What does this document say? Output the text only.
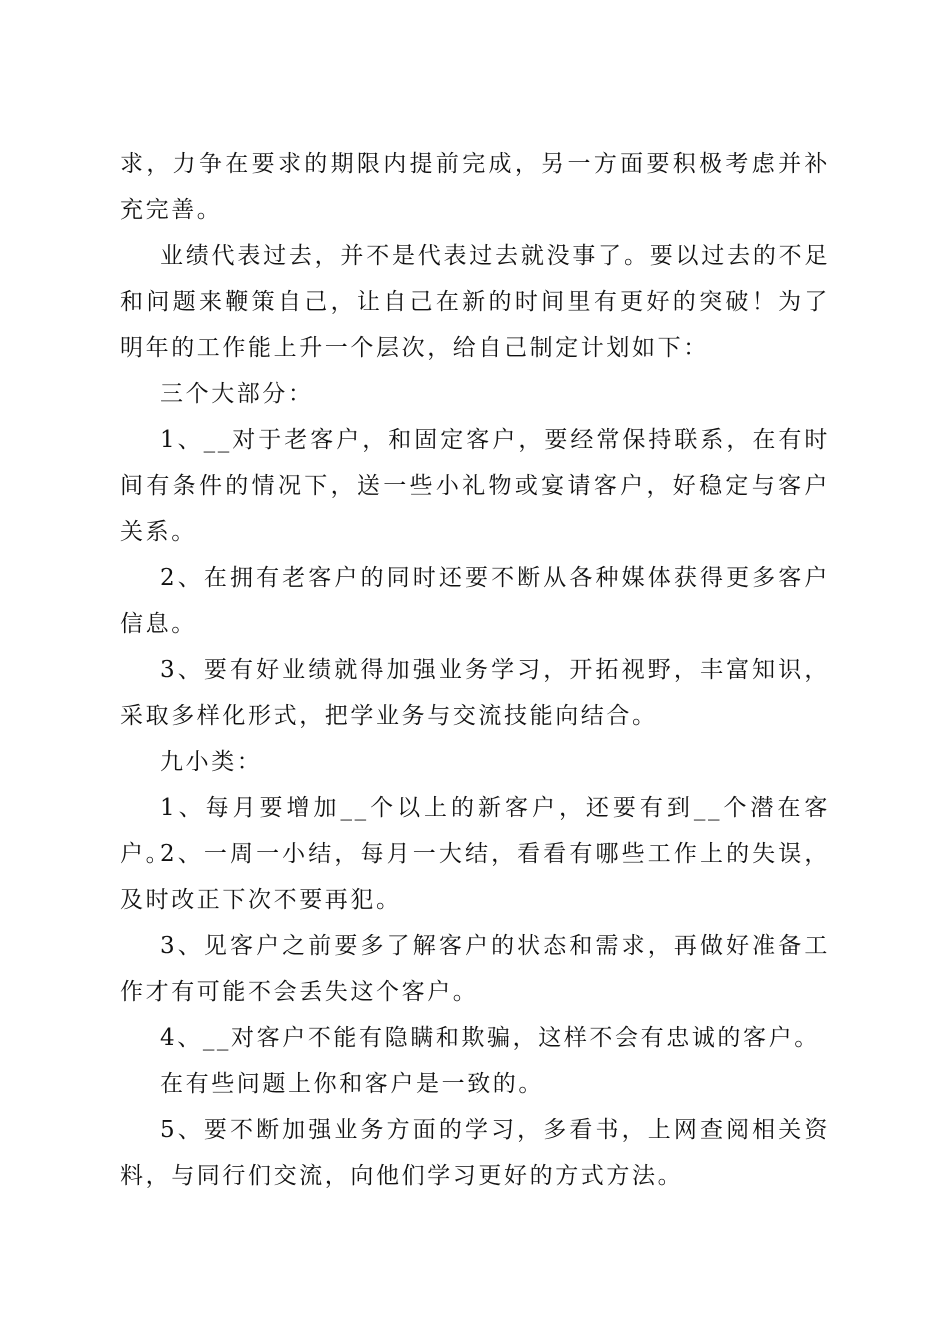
求，力争在要求的期限内提前完成，另一方面要积极考虑并补充完善。

业绩代表过去，并不是代表过去就没事了。要以过去的不足和问题来鞭策自己，让自己在新的时间里有更好的突破！为了明年的工作能上升一个层次，给自己制定计划如下：

三个大部分：

1、__对于老客户，和固定客户，要经常保持联系，在有时间有条件的情况下，送一些小礼物或宴请客户，好稳定与客户关系。

2、在拥有老客户的同时还要不断从各种媒体获得更多客户信息。

3、要有好业绩就得加强业务学习，开拓视野，丰富知识，采取多样化形式，把学业务与交流技能向结合。

九小类：

1、每月要增加__个以上的新客户，还要有到__个潜在客户。

2、一周一小结，每月一大结，看看有哪些工作上的失误，及时改正下次不要再犯。

3、见客户之前要多了解客户的状态和需求，再做好准备工作才有可能不会丢失这个客户。

4、__对客户不能有隐瞒和欺骗，这样不会有忠诚的客户。

在有些问题上你和客户是一致的。

5、要不断加强业务方面的学习，多看书，上网查阅相关资料，与同行们交流，向他们学习更好的方式方法。
